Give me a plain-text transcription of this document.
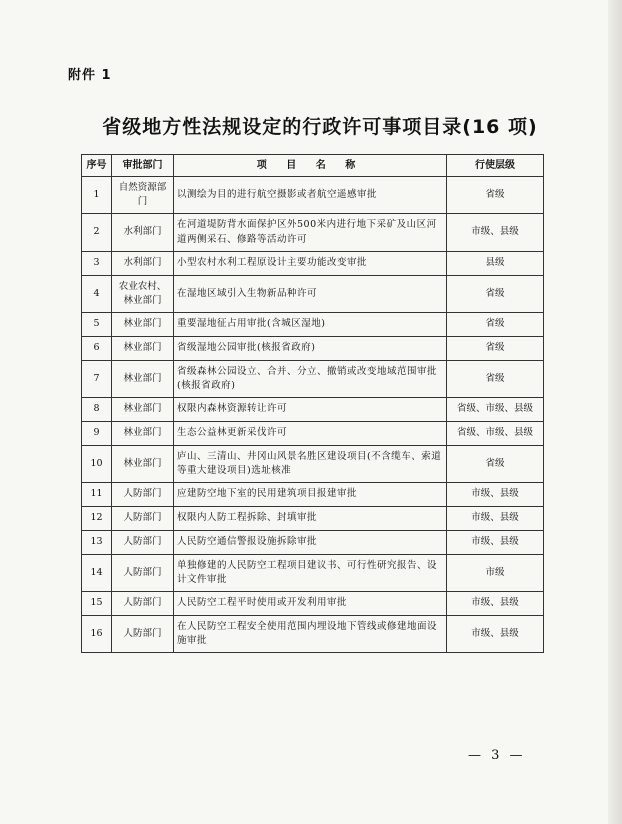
附件 1
省级地方性法规设定的行政许可事项目录(16 项)
序号	审批部门	项 目 名 称	行使层级
1	自然资源部门	以测绘为目的进行航空摄影或者航空遥感审批	省级
2	水利部门	在河道堤防背水面保护区外500米内进行地下采矿及山区河道两侧采石、修路等活动许可	市级、县级
3	水利部门	小型农村水利工程原设计主要功能改变审批	县级
4	农业农村、林业部门	在湿地区域引入生物新品种许可	省级
5	林业部门	重要湿地征占用审批(含城区湿地)	省级
6	林业部门	省级湿地公园审批(核报省政府)	省级
7	林业部门	省级森林公园设立、合并、分立、撤销或改变地域范围审批(核报省政府)	省级
8	林业部门	权限内森林资源转让许可	省级、市级、县级
9	林业部门	生态公益林更新采伐许可	省级、市级、县级
10	林业部门	庐山、三清山、井冈山风景名胜区建设项目(不含缆车、索道等重大建设项目)选址核准	省级
11	人防部门	应建防空地下室的民用建筑项目报建审批	市级、县级
12	人防部门	权限内人防工程拆除、封填审批	市级、县级
13	人防部门	人民防空通信警报设施拆除审批	市级、县级
14	人防部门	单独修建的人民防空工程项目建议书、可行性研究报告、设计文件审批	市级
15	人防部门	人民防空工程平时使用或开发利用审批	市级、县级
16	人防部门	在人民防空工程安全使用范围内埋设地下管线或修建地面设施审批	市级、县级
— 3 —
